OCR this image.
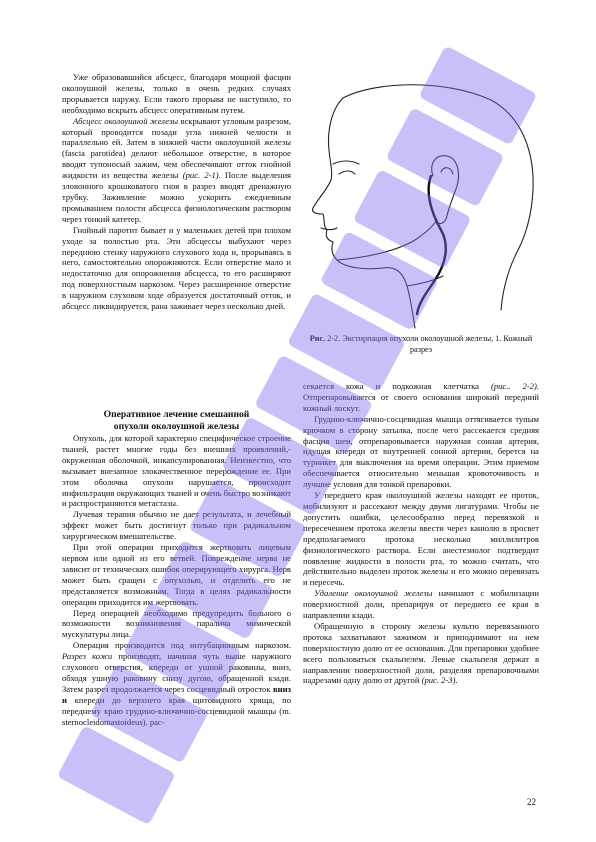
Уже образовавшийся абсцесс, благодаря мощной фасции околоушной железы, только в очень редких случаях прорывается наружу. Если такого прорыва не наступило, то необходимо вскрыть абсцесс оперативным путем.

Абсцесс околоушной железы вскрывают угловым разрезом, который проводится позади угла нижней челюсти и параллельно ей. Затем в нижней части околоушной железы (fascia parotidea) делают небольшое отверстие, в которое вводят тупоносый зажим, чем обеспечивают отток гнойной жидкости из вещества железы (рис. 2-1). После выделения зловонного крошковатого гноя в разрез вводят дренажную трубку. Заживление можно ускорить ежедневным промыванием полости абсцесса физиологическим раствором через тонкий катетер.

Гнойный паротит бывает и у маленьких детей при плохом уходе за полостью рта. Эти абсцессы выбухают через переднюю стенку наружного слухового хода и, прорываясь в него, самостоятельно опорожняются. Если отверстие мало и недостаточно для опорожнения абсцесса, то его расширяют под поверхностным наркозом. Через расширенное отверстие в наружном слуховом ходе образуется достаточный отток, и абсцесс ликвидируется, рана заживает через несколько дней.

Оперативное лечение смешанной
опухоли околоушной железы

Опухоль, для которой характерно специфическое строение тканей, растет многие годы без внешних проявлений,-окруженная оболочкой, инкапсулированная. Неизвестно, что вызывает внезапное злокачественное перерождение ее. При этом оболочка опухоли нарушается, происходит инфильтрация окружающих тканей и очень быстро возникают и распространяются метастазы.

Лучевая терапия обычно не дает результата, и лечебный эффект может быть достигнут только при радикальном хирургическом вмешательстве.

При этой операции приходится жертвовать лицевым нервом или одной из его ветвей. Повреждение нерва не зависит от технических ошибок оперирующего хирурга. Нерв может быть сращен с опухолью, и отделить его не представляется возможным. Тогда в целях радикальности операции приходится им жертвовать.

Перед операцией необходимо предупредить больного о возможности возникновения паралича мимической мускулатуры лица.

Операция производится под интубационным наркозом. Разрез кожи производят, начиная чуть выше наружного слухового отверстия, кпереди от ушной раковины, вниз, обходя ушную раковину снизу дугою, обращенной кзади. Затем разрез продолжается через сосцевидный отросток вниз и кпереди до верхнего края щитовидного хряща, по переднему краю грудино-ключично-сосцевидной мышцы (m. sternocleidomastoideus). рас-

Рис. 2-2. Экстирпация опухоли околоушной железы, 1. Кожный разрез

секается кожа и подкожная клетчатка (рис.. 2-2). Отпрепаровывается от своего основания широкий передний кожный лоскут.

Грудино-ключично-сосцевидная мышца оттягивается тупым крючком в сторону затылка, после чего рассекается средняя фасция шеи, отпрепаровывается наружная сонная артерия, идущая кпереди от внутренней сонной артерии, берется на турникет для выключения на время операции. Этим приемом обеспечивается относительно меньшая кровоточивость и лучшие условия для тонкой препаровки.

У переднего края околоушной железы находят ее проток, мобилизуют и рассекают между двумя лигатурами. Чтобы не допустить ошибки, целесообразно перед перевязкой и пересечением протока железы ввести через канюлю в просвет предполагаемого протока несколько миллилитров физиологического раствора. Если анестезиолог подтвердит появление жидкости в полости рта, то можно считать, что действительно выделен проток железы и его можно перевязать и пересечь.

Удаление околоушной железы начинают с мобилизации поверхностной доли, препарируя от переднего ее края в направлении кзади.

Обращенную в сторону железы культю перевязанного протока захватывают зажимом и приподнимают на нем поверхностную долю от ее основания. Для препаровки удобнее всего пользоваться скальпелем. Левые скальпеля держат в направлении поверхностной доли, разделяя препаровочными надрезами одну долю от другой (рис. 2-3).

22
